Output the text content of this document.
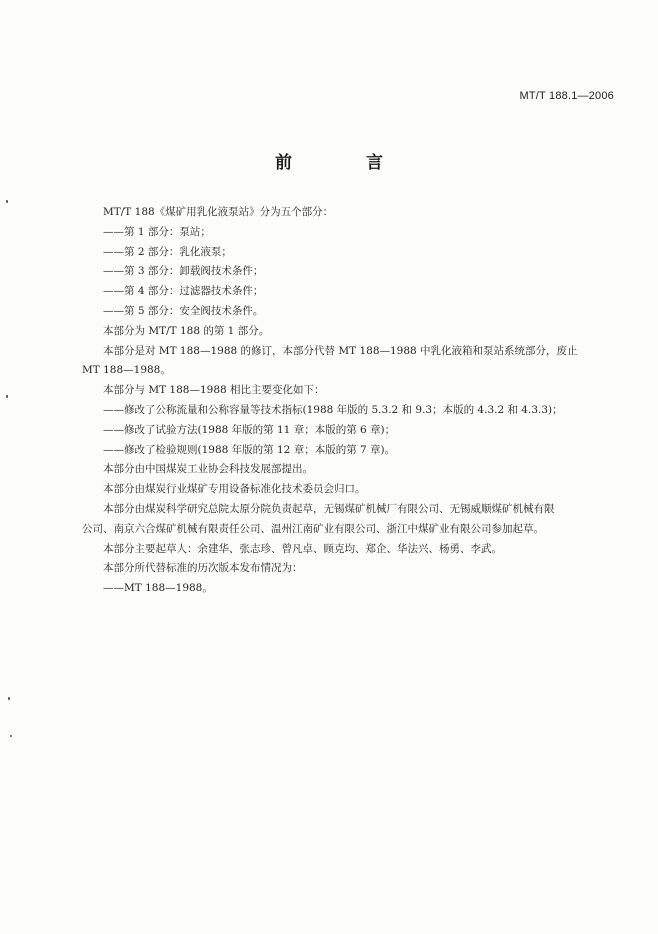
MT/T 188.1—2006
前 言

MT/T 188《煤矿用乳化液泵站》分为五个部分：

——第 1 部分：泵站；

——第 2 部分：乳化液泵；

——第 3 部分：卸载阀技术条件；

——第 4 部分：过滤器技术条件；

——第 5 部分：安全阀技术条件。

本部分为 MT/T 188 的第 1 部分。

本部分是对 MT 188—1988 的修订，本部分代替 MT 188—1988 中乳化液箱和泵站系统部分，废止

MT 188—1988。

本部分与 MT 188—1988 相比主要变化如下：

——修改了公称流量和公称容量等技术指标(1988 年版的 5.3.2 和 9.3；本版的 4.3.2 和 4.3.3)；

——修改了试验方法(1988 年版的第 11 章；本版的第 6 章)；

——修改了检验规则(1988 年版的第 12 章；本版的第 7 章)。

本部分由中国煤炭工业协会科技发展部提出。

本部分由煤炭行业煤矿专用设备标准化技术委员会归口。

本部分由煤炭科学研究总院太原分院负责起草，无锡煤矿机械厂有限公司、无锡威顺煤矿机械有限

公司、南京六合煤矿机械有限责任公司、温州江南矿业有限公司、浙江中煤矿业有限公司参加起草。

本部分主要起草人：余建华、张志珍、曾凡卓、顾克均、郑企、华法兴、杨勇、李武。

本部分所代替标准的历次版本发布情况为：

——MT 188—1988。
